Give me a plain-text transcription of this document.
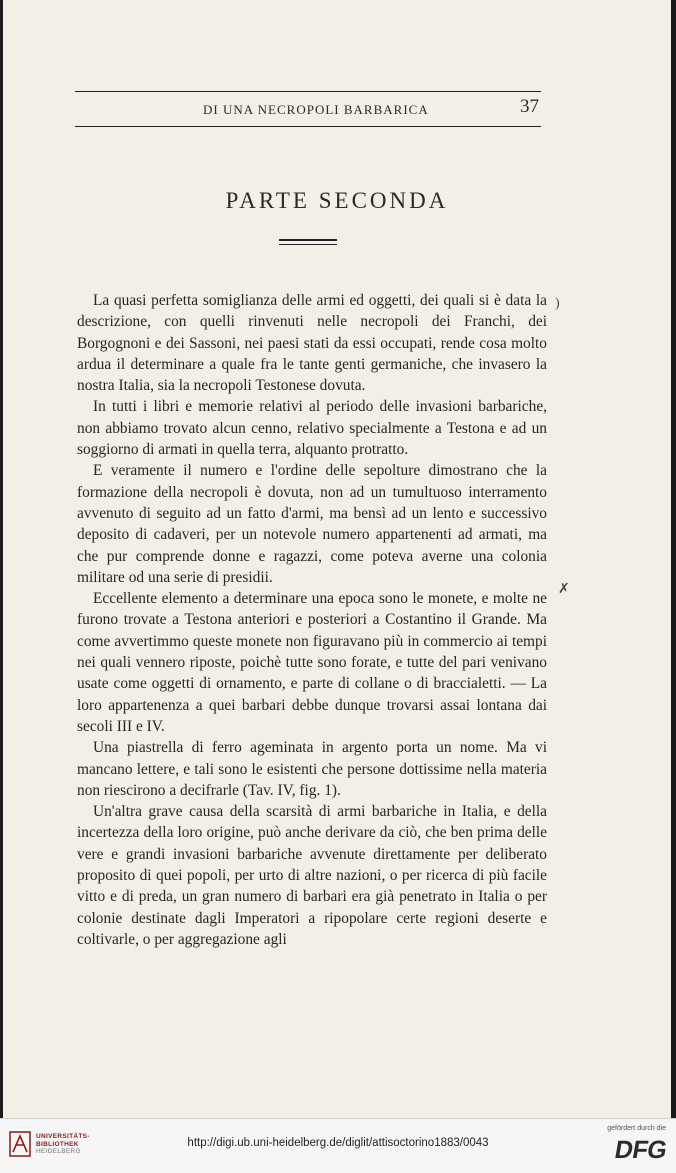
DI UNA NECROPOLI BARBARICA	37
PARTE SECONDA
)
✗

La quasi perfetta somiglianza delle armi ed oggetti, dei quali si è data la descrizione, con quelli rinvenuti nelle necropoli dei Franchi, dei Borgognoni e dei Sassoni, nei paesi stati da essi occupati, rende cosa molto ardua il determinare a quale fra le tante genti germaniche, che invasero la nostra Italia, sia la necropoli Testonese dovuta.

In tutti i libri e memorie relativi al periodo delle invasioni barbariche, non abbiamo trovato alcun cenno, relativo specialmente a Testona e ad un soggiorno di armati in quella terra, alquanto protratto.

E veramente il numero e l'ordine delle sepolture dimostrano che la formazione della necropoli è dovuta, non ad un tumultuoso interramento avvenuto di seguito ad un fatto d'armi, ma bensì ad un lento e successivo deposito di cadaveri, per un notevole numero appartenenti ad armati, ma che pur comprende donne e ragazzi, come poteva averne una colonia militare od una serie di presidii.

Eccellente elemento a determinare una epoca sono le monete, e molte ne furono trovate a Testona anteriori e posteriori a Costantino il Grande. Ma come avvertimmo queste monete non figuravano più in commercio ai tempi nei quali vennero riposte, poichè tutte sono forate, e tutte del pari venivano usate come oggetti di ornamento, e parte di collane o di braccialetti. — La loro appartenenza a quei barbari debbe dunque trovarsi assai lontana dai secoli III e IV.

Una piastrella di ferro ageminata in argento porta un nome. Ma vi mancano lettere, e tali sono le esistenti che persone dottissime nella materia non riescirono a decifrarle (Tav. IV, fig. 1).

Un'altra grave causa della scarsità di armi barbariche in Italia, e della incertezza della loro origine, può anche derivare da ciò, che ben prima delle vere e grandi invasioni barbariche avvenute direttamente per deliberato proposito di quei popoli, per urto di altre nazioni, o per ricerca di più facile vitto e di preda, un gran numero di barbari era già penetrato in Italia o per colonie destinate dagli Imperatori a ripopolare certe regioni deserte e coltivarle, o per aggregazione agli

UNIVERSITÄTS-
BIBLIOTHEK
HEIDELBERG
http://digi.ub.uni-heidelberg.de/diglit/attisoctorino1883/0043
gefördert durch die
DFG
